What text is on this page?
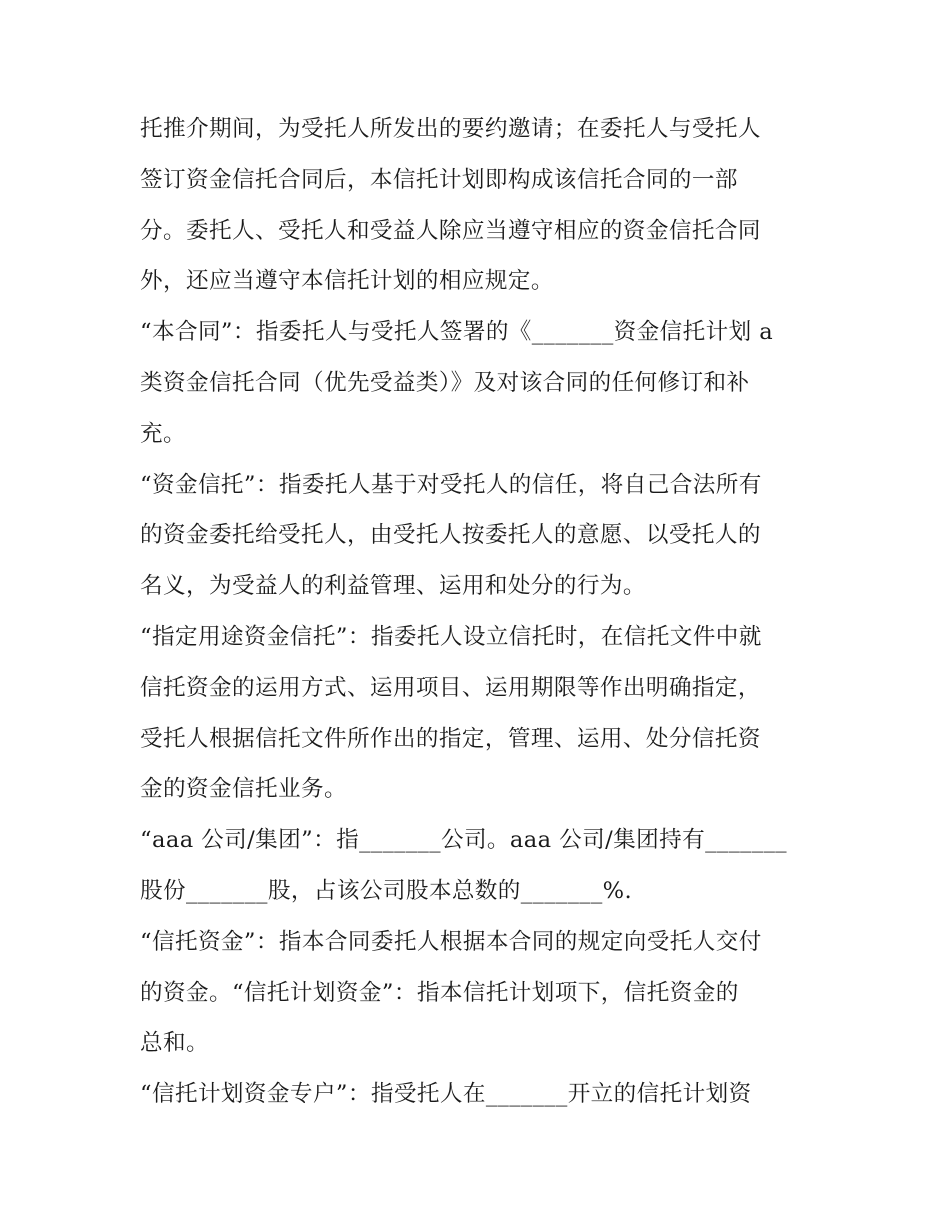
托推介期间，为受托人所发出的要约邀请；在委托人与受托人
签订资金信托合同后，本信托计划即构成该信托合同的一部
分。委托人、受托人和受益人除应当遵守相应的资金信托合同
外，还应当遵守本信托计划的相应规定。
“本合同”：指委托人与受托人签署的《_______资金信托计划 a
类资金信托合同（优先受益类）》及对该合同的任何修订和补
充。
“资金信托”：指委托人基于对受托人的信任，将自己合法所有
的资金委托给受托人，由受托人按委托人的意愿、以受托人的
名义，为受益人的利益管理、运用和处分的行为。
“指定用途资金信托”：指委托人设立信托时，在信托文件中就
信托资金的运用方式、运用项目、运用期限等作出明确指定，
受托人根据信托文件所作出的指定，管理、运用、处分信托资
金的资金信托业务。
“aaa 公司/集团”：指_______公司。aaa 公司/集团持有_______
股份_______股，占该公司股本总数的_______%.
“信托资金”：指本合同委托人根据本合同的规定向受托人交付
的资金。“信托计划资金”：指本信托计划项下，信托资金的
总和。
“信托计划资金专户”：指受托人在_______开立的信托计划资
